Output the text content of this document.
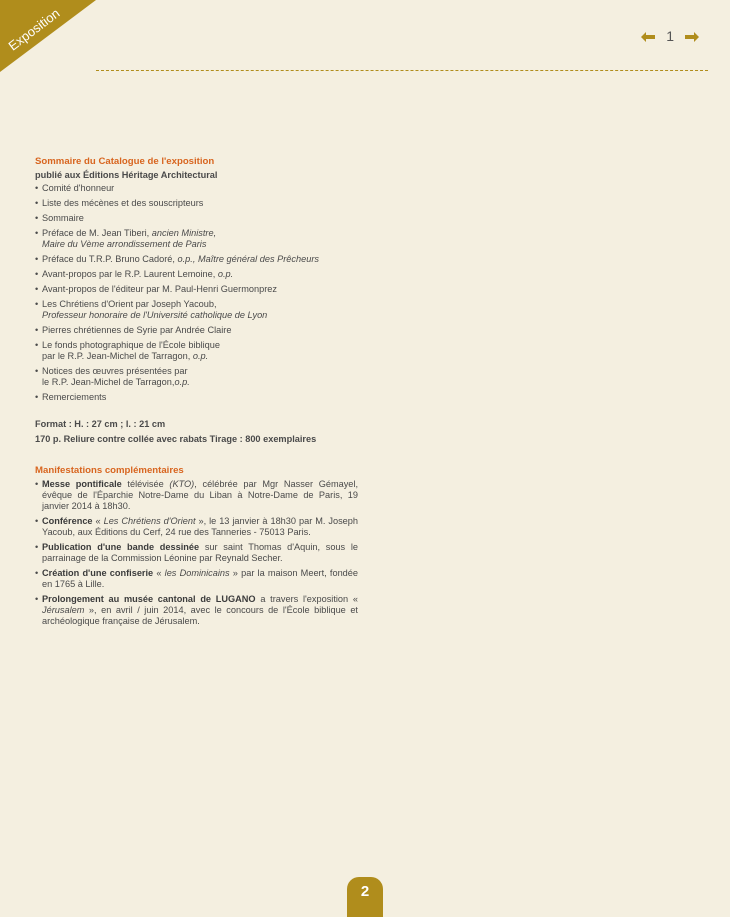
Exposition	1
Sommaire du Catalogue de l'exposition
publié aux Éditions Héritage Architectural
• Comité d'honneur
• Liste des mécènes et des souscripteurs
• Sommaire
• Préface de M. Jean Tiberi, ancien Ministre,
Maire du Vème arrondissement de Paris
• Préface du T.R.P. Bruno Cadoré, o.p., Maître général des Prêcheurs
• Avant-propos par le R.P. Laurent Lemoine, o.p.
• Avant-propos de l'éditeur par M. Paul-Henri Guermonprez
• Les Chrétiens d'Orient par Joseph Yacoub,
Professeur honoraire de l'Université catholique de Lyon
• Pierres chrétiennes de Syrie par Andrée Claire
• Le fonds photographique de l'École biblique
par le R.P. Jean-Michel de Tarragon, o.p.
• Notices des œuvres présentées par
le R.P. Jean-Michel de Tarragon,o.p.
• Remerciements
Format : H. : 27 cm ; l. : 21 cm
170 p. Reliure contre collée avec rabats Tirage : 800 exemplaires
Manifestations complémentaires
• Messe pontificale télévisée (KTO), célébrée par Mgr Nasser Gémayel, évêque de l'Éparchie Notre-Dame du Liban à Notre-Dame de Paris, 19 janvier 2014 à 18h30.
• Conférence « Les Chrétiens d'Orient », le 13 janvier à 18h30 par M. Joseph Yacoub, aux Éditions du Cerf, 24 rue des Tanneries - 75013 Paris.
• Publication d'une bande dessinée sur saint Thomas d'Aquin, sous le parrainage de la Commission Léonine par Reynald Secher.
• Création d'une confiserie « les Dominicains » par la maison Meert, fondée en 1765 à Lille.
• Prolongement au musée cantonal de LUGANO a travers l'exposition « Jérusalem », en avril / juin 2014, avec le concours de l'École biblique et archéologique française de Jérusalem.
2
